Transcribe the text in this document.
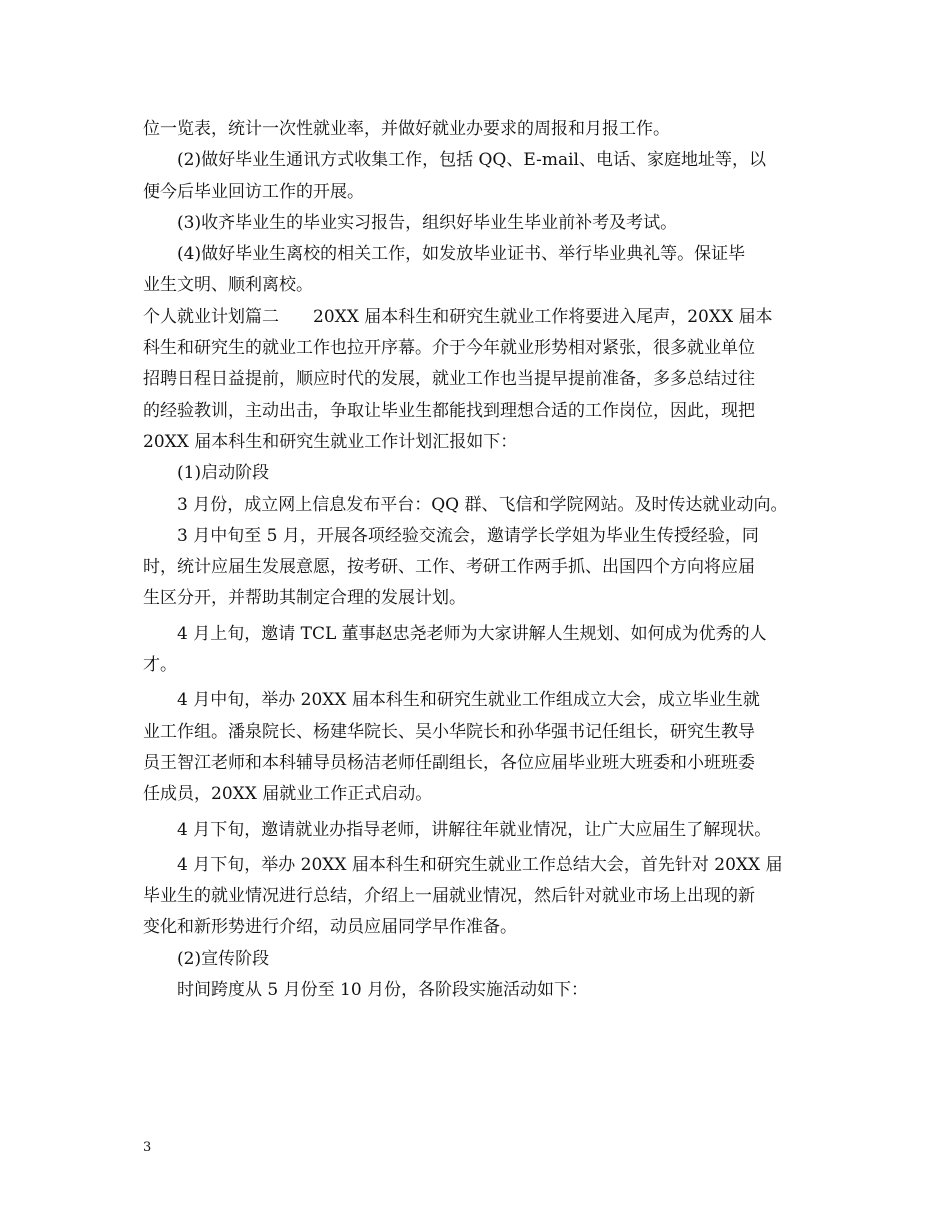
位一览表，统计一次性就业率，并做好就业办要求的周报和月报工作。
(2)做好毕业生通讯方式收集工作，包括 QQ、E-mail、电话、家庭地址等，以
便今后毕业回访工作的开展。
(3)收齐毕业生的毕业实习报告，组织好毕业生毕业前补考及考试。
(4)做好毕业生离校的相关工作，如发放毕业证书、举行毕业典礼等。保证毕
业生文明、顺利离校。
个人就业计划篇二　　20XX 届本科生和研究生就业工作将要进入尾声，20XX 届本
科生和研究生的就业工作也拉开序幕。介于今年就业形势相对紧张，很多就业单位
招聘日程日益提前，顺应时代的发展，就业工作也当提早提前准备，多多总结过往
的经验教训，主动出击，争取让毕业生都能找到理想合适的工作岗位，因此，现把
20XX 届本科生和研究生就业工作计划汇报如下：
(1)启动阶段
3 月份，成立网上信息发布平台：QQ 群、飞信和学院网站。及时传达就业动向。
3 月中旬至 5 月，开展各项经验交流会，邀请学长学姐为毕业生传授经验，同
时，统计应届生发展意愿，按考研、工作、考研工作两手抓、出国四个方向将应届
生区分开，并帮助其制定合理的发展计划。
4 月上旬，邀请 TCL 董事赵忠尧老师为大家讲解人生规划、如何成为优秀的人
才。
4 月中旬，举办 20XX 届本科生和研究生就业工作组成立大会，成立毕业生就
业工作组。潘泉院长、杨建华院长、吴小华院长和孙华强书记任组长，研究生教导
员王智江老师和本科辅导员杨洁老师任副组长，各位应届毕业班大班委和小班班委
任成员，20XX 届就业工作正式启动。
4 月下旬，邀请就业办指导老师，讲解往年就业情况，让广大应届生了解现状。
4 月下旬，举办 20XX 届本科生和研究生就业工作总结大会，首先针对 20XX 届
毕业生的就业情况进行总结，介绍上一届就业情况，然后针对就业市场上出现的新
变化和新形势进行介绍，动员应届同学早作准备。
(2)宣传阶段
时间跨度从 5 月份至 10 月份，各阶段实施活动如下：
3
